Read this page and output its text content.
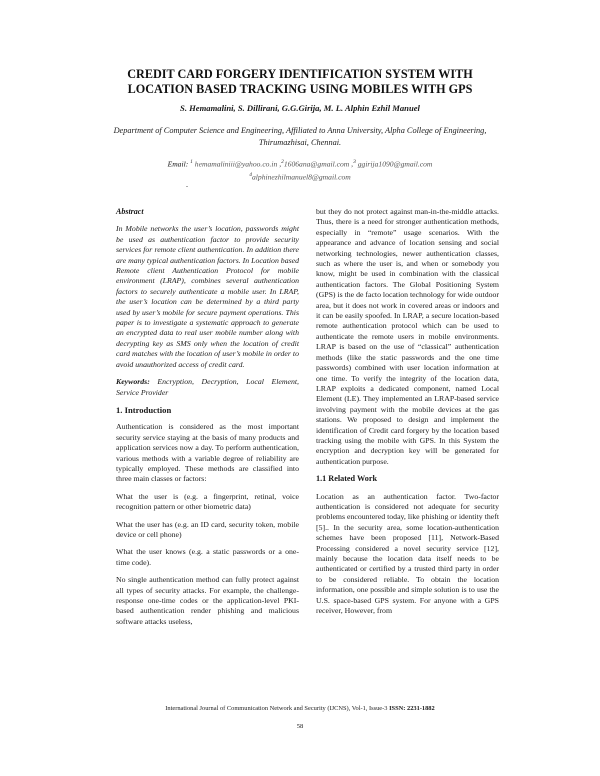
CREDIT CARD FORGERY IDENTIFICATION SYSTEM WITH
LOCATION BASED TRACKING USING MOBILES WITH GPS
S. Hemamalini, S. Dillirani, G.G.Girija, M. L. Alphin Ezhil Manuel
Department of Computer Science and Engineering, Affiliated to Anna University, Alpha College of Engineering,
Thirumazhisai, Chennai.
Email: $^1$ hemamaliniii@yahoo.co.in ,$^2$1606ana@gmail.com ,$^3$ ggirija1090@gmail.com
$^4$alphinezhilmanuel8@gmail.com
.

Abstract

In Mobile networks the user’s location, passwords might be used as authentication factor to provide security services for remote client authentication. In addition there are many typical authentication factors. In Location based Remote client Authentication Protocol for mobile environment (LRAP), combines several authentication factors to securely authenticate a mobile user. In LRAP, the user’s location can be determined by a third party used by user’s mobile for secure payment operations. This paper is to investigate a systematic approach to generate an encrypted data to real user mobile number along with decrypting key as SMS only when the location of credit card matches with the location of user’s mobile in order to avoid unauthorized access of credit card.

Keywords: Encryption, Decryption, Local Element, Service Provider

1. Introduction

Authentication is considered as the most important security service staying at the basis of many products and application services now a day. To perform authentication, various methods with a variable degree of reliability are typically employed. These methods are classified into three main classes or factors:

What the user is (e.g. a fingerprint, retinal, voice recognition pattern or other biometric data)

What the user has (e.g. an ID card, security token, mobile device or cell phone)

What the user knows (e.g. a static passwords or a one-time code).

No single authentication method can fully protect against all types of security attacks. For example, the challenge- response one-time codes or the application-level PKI-based authentication render phishing and malicious software attacks useless,

but they do not protect against man-in-the-middle attacks. Thus, there is a need for stronger authentication methods, especially in “remote” usage scenarios. With the appearance and advance of location sensing and social networking technologies, newer authentication classes, such as where the user is, and when or somebody you know, might be used in combination with the classical authentication factors. The Global Positioning System (GPS) is the de facto location technology for wide outdoor area, but it does not work in covered areas or indoors and it can be easily spoofed. In LRAP, a secure location-based remote authentication protocol which can be used to authenticate the remote users in mobile environments. LRAP is based on the use of “classical” authentication methods (like the static passwords and the one time passwords) combined with user location information at one time. To verify the integrity of the location data, LRAP exploits a dedicated component, named Local Element (LE). They implemented an LRAP-based service involving payment with the mobile devices at the gas stations. We proposed to design and implement the identification of Credit card forgery by the location based tracking using the mobile with GPS. In this System the encryption and decryption key will be generated for authentication purpose.

1.1 Related Work

Location as an authentication factor. Two-factor authentication is considered not adequate for security problems encountered today, like phishing or identity theft [5].. In the security area, some location-authentication schemes have been proposed [11], Network-Based Processing considered a novel security service [12], mainly because the location data itself needs to be authenticated or certified by a trusted third party in order to be considered reliable. To obtain the location information, one possible and simple solution is to use the U.S. space-based GPS system. For anyone with a GPS receiver, However, from

International Journal of Communication Network and Security (IJCNS), Vol-1, Issue-3 ISSN: 2231-1882
58
